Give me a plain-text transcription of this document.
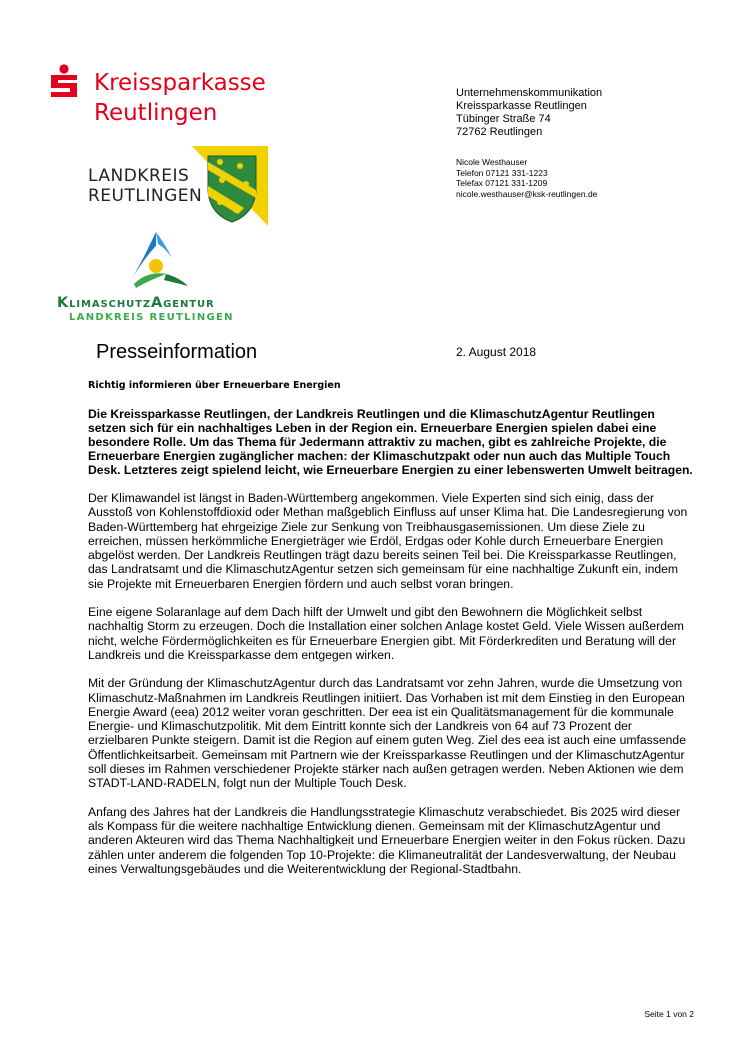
Kreissparkasse
Reutlingen
LANDKREIS
REUTLINGEN
KlimaschutzAgentur
LANDKREIS REUTLINGEN
Unternehmenskommunikation
Kreissparkasse Reutlingen
Tübinger Straße 74
72762 Reutlingen
Nicole Westhauser
Telefon 07121 331-1223
Telefax 07121 331-1209
nicole.westhauser@ksk-reutlingen.de
Presseinformation	2. August 2018

Richtig informieren über Erneuerbare Energien

Die Kreissparkasse Reutlingen, der Landkreis Reutlingen und die KlimaschutzAgentur Reutlingen setzen sich für ein nachhaltiges Leben in der Region ein. Erneuerbare Energien spielen dabei eine besondere Rolle. Um das Thema für Jedermann attraktiv zu machen, gibt es zahlreiche Projekte, die Erneuerbare Energien zugänglicher machen: der Klimaschutzpakt oder nun auch das Multiple Touch Desk. Letzteres zeigt spielend leicht, wie Erneuerbare Energien zu einer lebenswerten Umwelt beitragen.

Der Klimawandel ist längst in Baden-Württemberg angekommen. Viele Experten sind sich einig, dass der Ausstoß von Kohlenstoffdioxid oder Methan maßgeblich Einfluss auf unser Klima hat. Die Landesregierung von Baden-Württemberg hat ehrgeizige Ziele zur Senkung von Treibhausgasemissionen. Um diese Ziele zu erreichen, müssen herkömmliche Energieträger wie Erdöl, Erdgas oder Kohle durch Erneuerbare Energien abgelöst werden. Der Landkreis Reutlingen trägt dazu bereits seinen Teil bei. Die Kreissparkasse Reutlingen, das Landratsamt und die KlimaschutzAgentur setzen sich gemeinsam für eine nachhaltige Zukunft ein, indem sie Projekte mit Erneuerbaren Energien fördern und auch selbst voran bringen.

Eine eigene Solaranlage auf dem Dach hilft der Umwelt und gibt den Bewohnern die Möglichkeit selbst nachhaltig Storm zu erzeugen. Doch die Installation einer solchen Anlage kostet Geld. Viele Wissen außerdem nicht, welche Fördermöglichkeiten es für Erneuerbare Energien gibt. Mit Förderkrediten und Beratung will der Landkreis und die Kreissparkasse dem entgegen wirken.

Mit der Gründung der KlimaschutzAgentur durch das Landratsamt vor zehn Jahren, wurde die Umsetzung von Klimaschutz-Maßnahmen im Landkreis Reutlingen initiiert. Das Vorhaben ist mit dem Einstieg in den European Energie Award (eea) 2012 weiter voran geschritten. Der eea ist ein Qualitätsmanagement für die kommunale Energie- und Klimaschutzpolitik. Mit dem Eintritt konnte sich der Landkreis von 64 auf 73 Prozent der erzielbaren Punkte steigern. Damit ist die Region auf einem guten Weg. Ziel des eea ist auch eine umfassende Öffentlichkeitsarbeit. Gemeinsam mit Partnern wie der Kreissparkasse Reutlingen und der KlimaschutzAgentur soll dieses im Rahmen verschiedener Projekte stärker nach außen getragen werden. Neben Aktionen wie dem STADT-LAND-RADELN, folgt nun der Multiple Touch Desk.

Anfang des Jahres hat der Landkreis die Handlungsstrategie Klimaschutz verabschiedet. Bis 2025 wird dieser als Kompass für die weitere nachhaltige Entwicklung dienen. Gemeinsam mit der KlimaschutzAgentur und anderen Akteuren wird das Thema Nachhaltigkeit und Erneuerbare Energien weiter in den Fokus rücken. Dazu zählen unter anderem die folgenden Top 10-Projekte: die Klimaneutralität der Landesverwaltung, der Neubau eines Verwaltungsgebäudes und die Weiterentwicklung der Regional-Stadtbahn.

Seite 1 von 2
